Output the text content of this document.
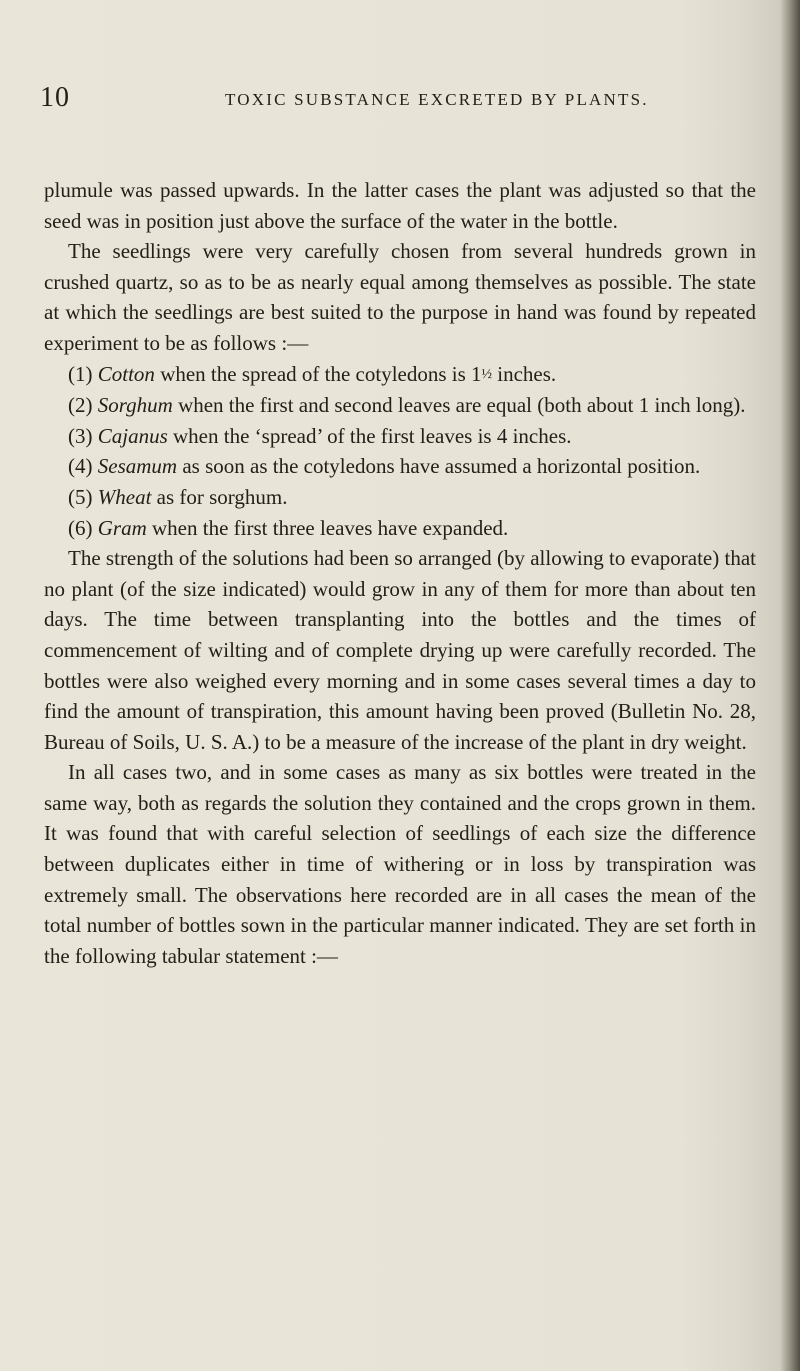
10	TOXIC SUBSTANCE EXCRETED BY PLANTS.

plumule was passed upwards. In the latter cases the plant was adjusted so that the seed was in position just above the surface of the water in the bottle.

The seedlings were very carefully chosen from several hundreds grown in crushed quartz, so as to be as nearly equal among themselves as possible. The state at which the seedlings are best suited to the purpose in hand was found by repeated experiment to be as follows :—

(1) Cotton when the spread of the cotyledons is 1½ inches.

(2) Sorghum when the first and second leaves are equal (both about 1 inch long).

(3) Cajanus when the ‘spread’ of the first leaves is 4 inches.

(4) Sesamum as soon as the cotyledons have assumed a horizontal position.

(5) Wheat as for sorghum.

(6) Gram when the first three leaves have expanded.

The strength of the solutions had been so arranged (by allowing to evaporate) that no plant (of the size indicated) would grow in any of them for more than about ten days. The time between transplanting into the bottles and the times of commencement of wilting and of complete drying up were carefully recorded. The bottles were also weighed every morning and in some cases several times a day to find the amount of transpiration, this amount having been proved (Bulletin No. 28, Bureau of Soils, U. S. A.) to be a measure of the increase of the plant in dry weight.

In all cases two, and in some cases as many as six bottles were treated in the same way, both as regards the solution they contained and the crops grown in them. It was found that with careful selection of seedlings of each size the difference between duplicates either in time of withering or in loss by transpiration was extremely small. The observations here recorded are in all cases the mean of the total number of bottles sown in the particular manner indicated. They are set forth in the following tabular statement :—
